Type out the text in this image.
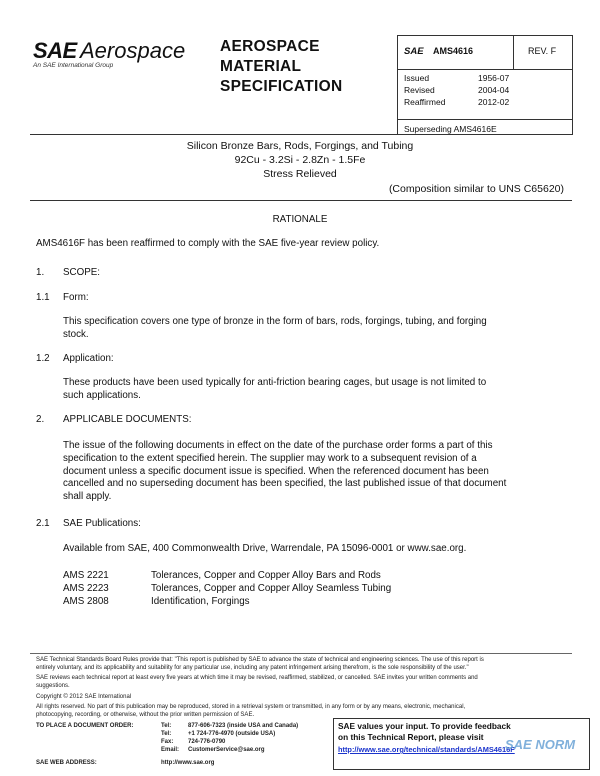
SAE Aerospace
An SAE International Group
AEROSPACE
MATERIAL
SPECIFICATION
SAE AMS4616	REV. F
Issued	1956-07
Revised	2004-04
Reaffirmed	2012-02
Superseding AMS4616E
Silicon Bronze Bars, Rods, Forgings, and Tubing
92Cu - 3.2Si - 2.8Zn - 1.5Fe
Stress Relieved
(Composition similar to UNS C65620)
RATIONALE
AMS4616F has been reaffirmed to comply with the SAE five-year review policy.
1. SCOPE:
1.1 Form:
This specification covers one type of bronze in the form of bars, rods, forgings, tubing, and forging
stock.
1.2 Application:
These products have been used typically for anti-friction bearing cages, but usage is not limited to
such applications.
2. APPLICABLE DOCUMENTS:
The issue of the following documents in effect on the date of the purchase order forms a part of this
specification to the extent specified herein. The supplier may work to a subsequent revision of a
document unless a specific document issue is specified. When the referenced document has been
cancelled and no superseding document has been specified, the last published issue of that document
shall apply.
2.1 SAE Publications:
Available from SAE, 400 Commonwealth Drive, Warrendale, PA 15096-0001 or www.sae.org.
AMS 2221	Tolerances, Copper and Copper Alloy Bars and Rods
AMS 2223	Tolerances, Copper and Copper Alloy Seamless Tubing
AMS 2808	Identification, Forgings
SAE Technical Standards Board Rules provide that: "This report is published by SAE to advance the state of technical and engineering sciences. The use of this report is
entirely voluntary, and its applicability and suitability for any particular use, including any patent infringement arising therefrom, is the sole responsibility of the user."
SAE reviews each technical report at least every five years at which time it may be revised, reaffirmed, stabilized, or cancelled. SAE invites your written comments and
suggestions.
Copyright © 2012 SAE International
All rights reserved. No part of this publication may be reproduced, stored in a retrieval system or transmitted, in any form or by any means, electronic, mechanical,
photocopying, recording, or otherwise, without the prior written permission of SAE.
TO PLACE A DOCUMENT ORDER:	Tel:	877-606-7323 (inside USA and Canada)
Tel:	+1 724-776-4970 (outside USA)
Fax: 724-776-0790
Email: CustomerService@sae.org
SAE WEB ADDRESS:	http://www.sae.org
SAE values your input. To provide feedback
on this Technical Report, please visit
http://www.sae.org/technical/standards/AMS4616F
SAE NORM
